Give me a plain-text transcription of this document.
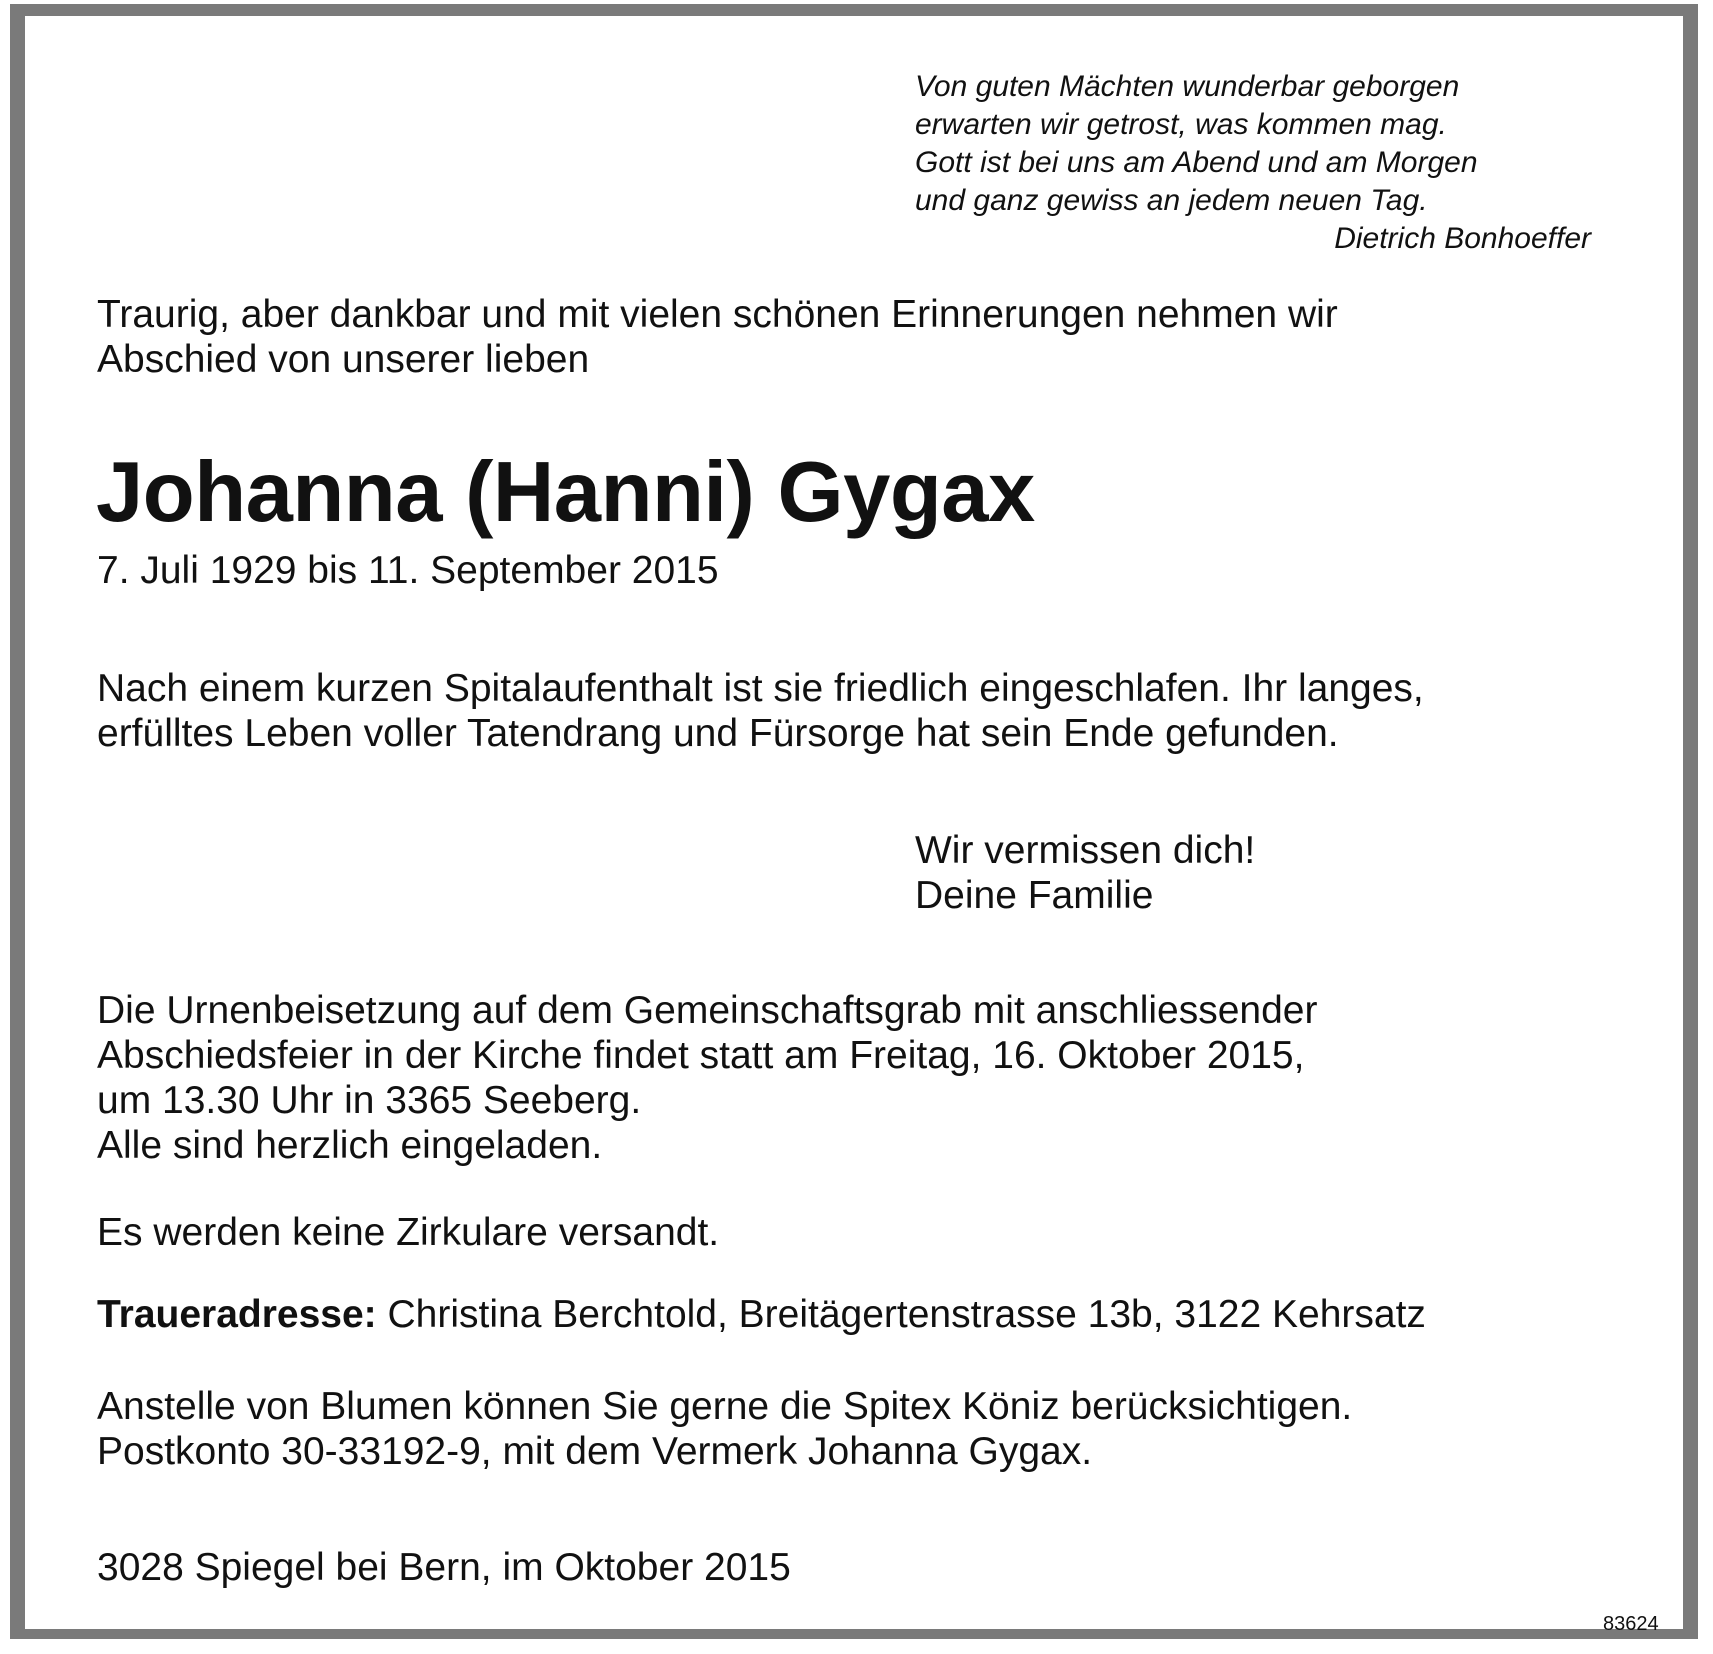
Von guten Mächten wunderbar geborgen
erwarten wir getrost, was kommen mag.
Gott ist bei uns am Abend und am Morgen
und ganz gewiss an jedem neuen Tag.
Dietrich Bonhoeffer
Traurig, aber dankbar und mit vielen schönen Erinnerungen nehmen wir
Abschied von unserer lieben
Johanna (Hanni) Gygax
7. Juli 1929 bis 11. September 2015
Nach einem kurzen Spitalaufenthalt ist sie friedlich eingeschlafen. Ihr langes,
erfülltes Leben voller Tatendrang und Fürsorge hat sein Ende gefunden.
Wir vermissen dich!
Deine Familie
Die Urnenbeisetzung auf dem Gemeinschaftsgrab mit anschliessender
Abschiedsfeier in der Kirche findet statt am Freitag, 16. Oktober 2015,
um 13.30 Uhr in 3365 Seeberg.
Alle sind herzlich eingeladen.
Es werden keine Zirkulare versandt.
Traueradresse: Christina Berchtold, Breitägertenstrasse 13b, 3122 Kehrsatz
Anstelle von Blumen können Sie gerne die Spitex Köniz berücksichtigen.
Postkonto 30-33192-9, mit dem Vermerk Johanna Gygax.
3028 Spiegel bei Bern, im Oktober 2015
83624
